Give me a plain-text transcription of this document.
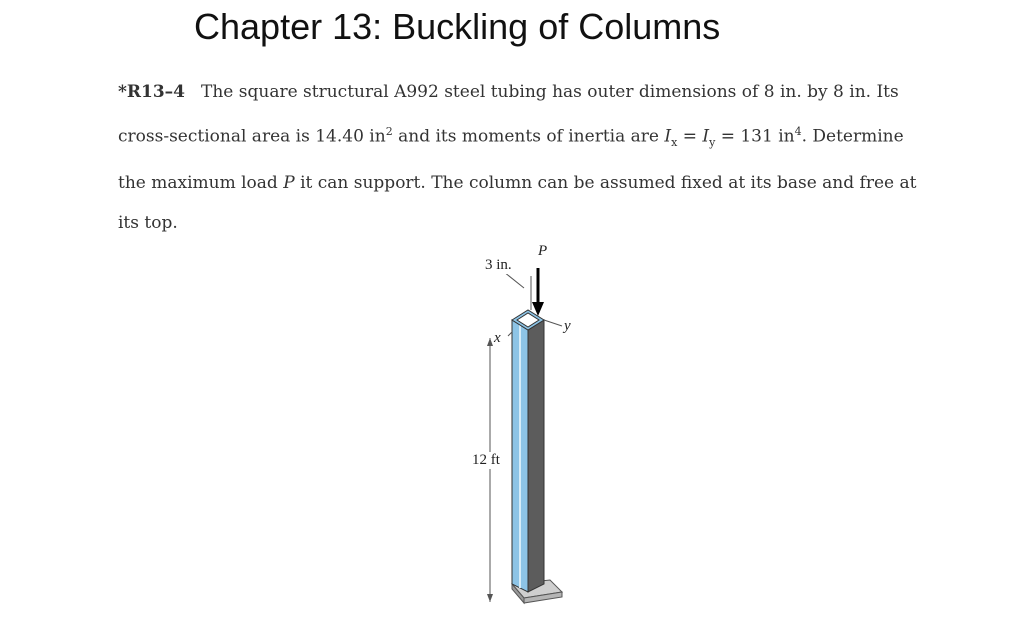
Chapter 13: Buckling of Columns
*R13–4 The square structural A992 steel tubing has outer dimensions of 8 in. by 8 in. Its cross-sectional area is 14.40 $in^2$ and its moments of inertia are $I_x = I_y = 131$ $in^4$. Determine the maximum load P it can support. The column can be assumed fixed at its base and free at its top.
P
3 in.
x
y
12 ft
